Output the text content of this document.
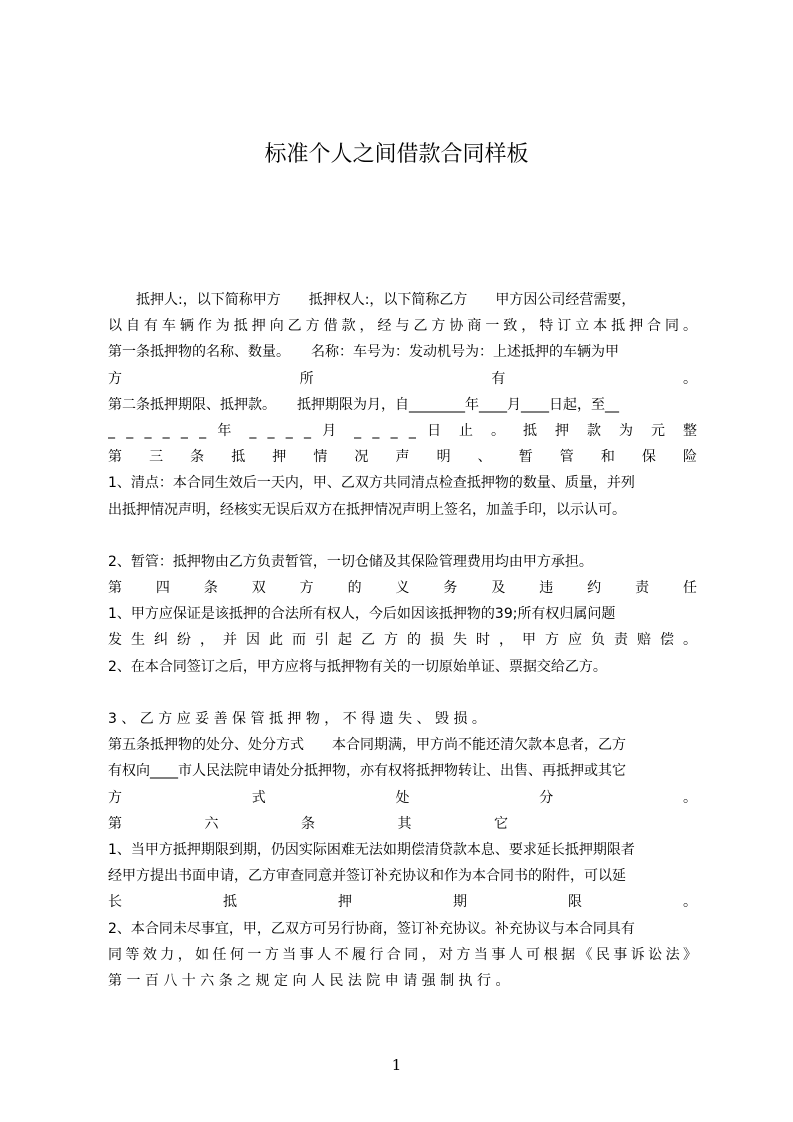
标准个人之间借款合同样板
　　抵押人:，以下简称甲方　　抵押权人:，以下简称乙方　　甲方因公司经营需要，
以自有车辆作为抵押向乙方借款，经与乙方协商一致，特订立本抵押合同。
第一条抵押物的名称、数量。　　名称：车号为：发动机号为：上述抵押的车辆为甲
方 所 有 。
第二条抵押期限、抵押款。　　抵押期限为月，自________年____月____日起，至__
_ _ _ _ _ _ 年 _ _ _ _ 月 _ _ _ _ 日 止 。 抵 押 款 为 元 整
第 三 条 抵 押 情 况 声 明 、 暂 管 和 保 险
1、清点：本合同生效后一天内，甲、乙双方共同清点检查抵押物的数量、质量，并列
出抵押情况声明，经核实无误后双方在抵押情况声明上签名，加盖手印，以示认可。
2、暂管：抵押物由乙方负责暂管，一切仓储及其保险管理费用均由甲方承担。
第 四 条 双 方 的 义 务 及 违 约 责 任
1、甲方应保证是该抵押的合法所有权人，今后如因该抵押物的39;所有权归属问题
发 生 纠 纷 ， 并 因 此 而 引 起 乙 方 的 损 失 时 ， 甲 方 应 负 责 赔 偿 。
2、在本合同签订之后，甲方应将与抵押物有关的一切原始单证、票据交给乙方。
3 、 乙 方 应 妥 善 保 管 抵 押 物 ， 不 得 遗 失 、 毁 损 。
第五条抵押物的处分、处分方式　　本合同期满，甲方尚不能还清欠款本息者，乙方
有权向____市人民法院申请处分抵押物，亦有权将抵押物转让、出售、再抵押或其它
方 式 处 分 。
第 六 条 其 它
1、当甲方抵押期限到期，仍因实际困难无法如期偿清贷款本息、要求延长抵押期限者
经甲方提出书面申请，乙方审查同意并签订补充协议和作为本合同书的附件，可以延
长 抵 押 期 限 。
2、本合同未尽事宜，甲，乙双方可另行协商，签订补充协议。补充协议与本合同具有
同等效力，如任何一方当事人不履行合同，对方当事人可根据《民事诉讼法》
第 一 百 八 十 六 条 之 规 定 向 人 民 法 院 申 请 强 制 执 行 。
1
